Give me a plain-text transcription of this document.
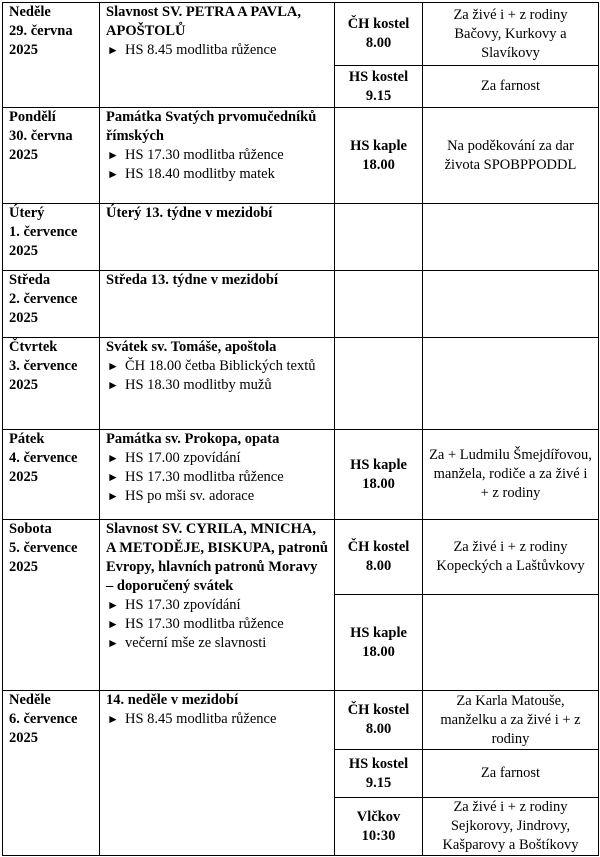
Neděle
29. června
2025	Slavnost SV. PETRA A PAVLA, APOŠTOLŮ
► HS 8.45 modlitba růžence	ČH kostel
8.00	Za živé i + z rodiny Bačovy, Kurkovy a Slavíkovy

		HS kostel
9.15	Za farnost

Pondělí
30. června
2025	Památka Svatých prvomučedníků římských
► HS 17.30 modlitba růžence
► HS 18.40 modlitby matek	HS kaple
18.00	Na poděkování za dar života SPOBPPODDL

Úterý
1. července
2025	Úterý 13. týdne v mezidobí		

Středa
2. července
2025	Středa 13. týdne v mezidobí		

Čtvrtek
3. července
2025	Svátek sv. Tomáše, apoštola
► ČH 18.00 četba Biblických textů
► HS 18.30 modlitby mužů		

Pátek
4. července
2025	Památka sv. Prokopa, opata
► HS 17.00 zpovídání
► HS 17.30 modlitba růžence
► HS po mši sv. adorace	HS kaple
18.00	Za + Ludmilu Šmejdířovou, manžela, rodiče a za živé i + z rodiny

Sobota
5. července
2025	Slavnost SV. CYRILA, MNICHA, A METODĚJE, BISKUPA, patronů Evropy, hlavních patronů Moravy – doporučený svátek
► HS 17.30 zpovídání
► HS 17.30 modlitba růžence
► večerní mše ze slavnosti	ČH kostel
8.00	Za živé i + z rodiny Kopeckých a Laštůvkovy

		HS kaple
18.00	

Neděle
6. července
2025	14. neděle v mezidobí
► HS 8.45 modlitba růžence	ČH kostel
8.00	Za Karla Matouše, manželku a za živé i + z rodiny

		HS kostel
9.15	Za farnost

		Vlčkov
10:30	Za živé i + z rodiny Sejkorovy, Jindrovy, Kašparovy a Boštíkovy
